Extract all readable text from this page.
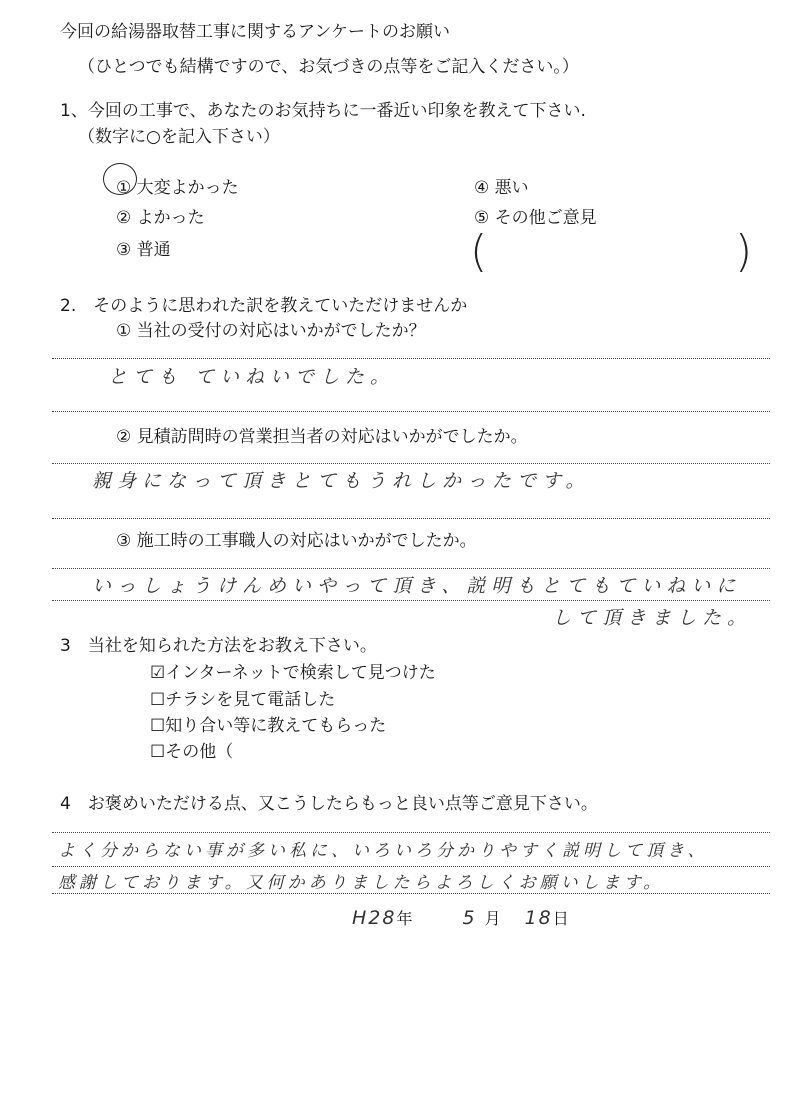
今回の給湯器取替工事に関するアンケートのお願い
（ひとつでも結構ですので、お気づきの点等をご記入ください。）
1、今回の工事で、あなたのお気持ちに一番近い印象を教えて下さい.
（数字に○を記入下さい）
① 大変よかった
② よかった
③ 普通
④ 悪い
⑤ その他ご意見
(	)
2.　そのように思われた訳を教えていただけませんか
① 当社の受付の対応はいかがでしたか？
とても ていねいでした。
② 見積訪問時の営業担当者の対応はいかがでしたか。
親身になって頂きとてもうれしかったです。
③ 施工時の工事職人の対応はいかがでしたか。
いっしょうけんめいやって頂き、説明もとてもていねいに
して頂きました。
3　当社を知られた方法をお教え下さい。
☑インターネットで検索して見つけた
☐チラシを見て電話した
☐知り合い等に教えてもらった
☐その他（
4　お褒めいただける点、又こうしたらもっと良い点等ご意見下さい。
よく分からない事が多い私に、いろいろ分かりやすく説明して頂き、
感謝しております。又何かありましたらよろしくお願いします。
H28年	5 月 18日
